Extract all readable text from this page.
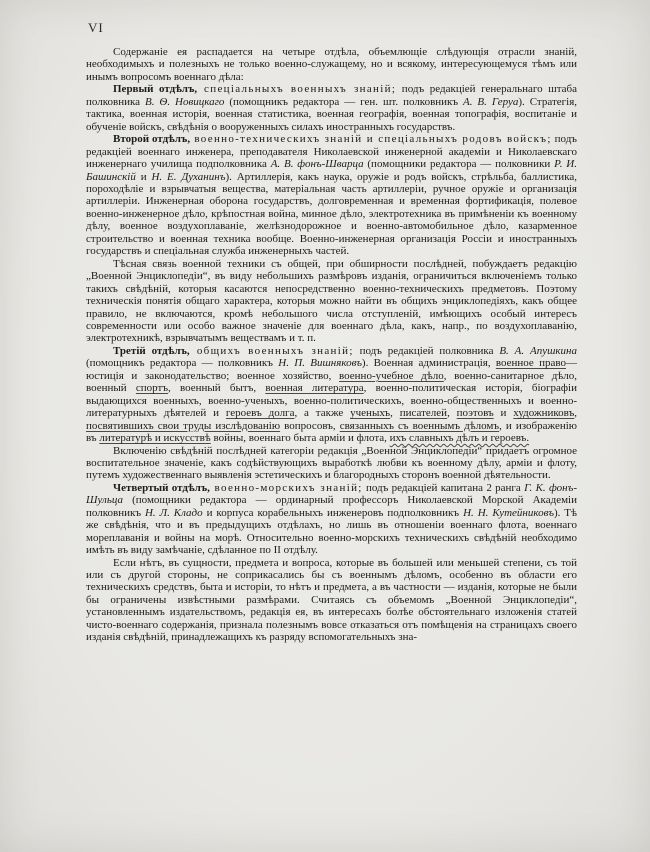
VI

Содержаніе ея распадается на четыре отдѣла, объемлющіе слѣдующія отрасли знаній, необходимыхъ и полезныхъ не только военно-служащему, но и всякому, интересующемуся тѣмъ или инымъ вопросомъ военнаго дѣла:

Первый отдѣлъ, спеціальныхъ военныхъ знаній; подъ редакціей генеральнаго штаба полковника В. Ѳ. Новицкаго (помощникъ редактора — ген. шт. полковникъ А. В. Геруа). Стратегія, тактика, военная исторія, военная статистика, военная географія, военная топографія, воспитаніе и обученіе войскъ, свѣдѣнія о вооруженныхъ силахъ иностранныхъ государствъ.

Второй отдѣлъ, военно-техническихъ знаній и спеціальныхъ родовъ войскъ; подъ редакціей военнаго инженера, преподавателя Николаевской инженерной академіи и Николаевскаго инженернаго училища подполковника А. В. фонъ-Шварца (помощники редактора — полковники Р. И. Башинскій и Н. Е. Духанинъ). Артиллерія, какъ наука, оружіе и родъ войскъ, стрѣльба, баллистика, пороходѣліе и взрывчатыя вещества, матеріальная часть артиллеріи, ручное оружіе и организація артиллеріи. Инженерная оборона государствъ, долговременная и временная фортификація, полевое военно-инженерное дѣло, крѣпостная война, минное дѣло, электротехника въ примѣненіи къ военному дѣлу, военное воздухоплаваніе, желѣзнодорожное и военно-автомобильное дѣло, казарменное строительство и военная техника вообще. Военно-инженерная организація Россіи и иностранныхъ государствъ и спеціальная служба инженерныхъ частей.

Тѣсная связь военной техники съ общей, при обширности послѣдней, побуждаетъ редакцію „Военной Энциклопедіи“, въ виду небольшихъ размѣровъ изданія, ограничиться включеніемъ только такихъ свѣдѣній, которыя касаются непосредственно военно-техническихъ предметовъ. Поэтому техническія понятія общаго характера, которыя можно найти въ общихъ энциклопедіяхъ, какъ общее правило, не включаются, кромѣ небольшого числа отступленій, имѣющихъ особый интересъ современности или особо важное значеніе для военнаго дѣла, какъ, напр., по воздухоплаванію, электротехникѣ, взрывчатымъ веществамъ и т. п.

Третій отдѣлъ, общихъ военныхъ знаній; подъ редакціей полковника В. А. Апушкина (помощникъ редактора — полковникъ Н. П. Вишняковъ). Военная администрація, военное право—юстиція и законодательство; военное хозяйство, военно-учебное дѣло, военно-санитарное дѣло, военный спортъ, военный бытъ, военная литература, военно-политическая исторія, біографіи выдающихся военныхъ, военно-ученыхъ, военно-политическихъ, военно-общественныхъ и военно-литературныхъ дѣятелей и героевъ долга, а также ученыхъ, писателей, поэтовъ и художниковъ, посвятившихъ свои труды изслѣдованію вопросовъ, связанныхъ съ военнымъ дѣломъ, и изображенію въ литературѣ и искусствѣ войны, военнаго быта арміи и флота, ихъ славныхъ дѣлъ и героевъ.

Включенію свѣдѣній послѣдней категоріи редакція „Военной Энциклопедіи“ придаетъ огромное воспитательное значеніе, какъ содѣйствующихъ выработкѣ любви къ военному дѣлу, арміи и флоту, путемъ художественнаго выявленія эстетическихъ и благородныхъ сторонъ военной дѣятельности.

Четвертый отдѣлъ, военно-морскихъ знаній; подъ редакціей капитана 2 ранга Г. К. фонъ-Шульца (помощники редактора — ординарный профессоръ Николаевской Морской Академіи полковникъ Н. Л. Кладо и корпуса корабельныхъ инженеровъ подполковникъ Н. Н. Кутейниковъ). Тѣ же свѣдѣнія, что и въ предыдущихъ отдѣлахъ, но лишь въ отношеніи военнаго флота, военнаго мореплаванія и войны на морѣ. Относительно военно-морскихъ техническихъ свѣдѣній необходимо имѣть въ виду замѣчаніе, сдѣланное по II отдѣлу.

Если нѣтъ, въ сущности, предмета и вопроса, которые въ большей или меньшей степени, съ той или съ другой стороны, не соприкасались бы съ военнымъ дѣломъ, особенно въ области его техническихъ средствъ, быта и исторіи, то нѣтъ и предмета, а въ частности — изданія, которые не были бы ограничены извѣстными размѣрами. Считаясь съ объемомъ „Военной Энциклопедіи“, установленнымъ издательствомъ, редакція ея, въ интересахъ болѣе обстоятельнаго изложенія статей чисто-военнаго содержанія, признала полезнымъ вовсе отказаться отъ помѣщенія на страницахъ своего изданія свѣдѣній, принадлежащихъ къ разряду вспомогательныхъ зна-
